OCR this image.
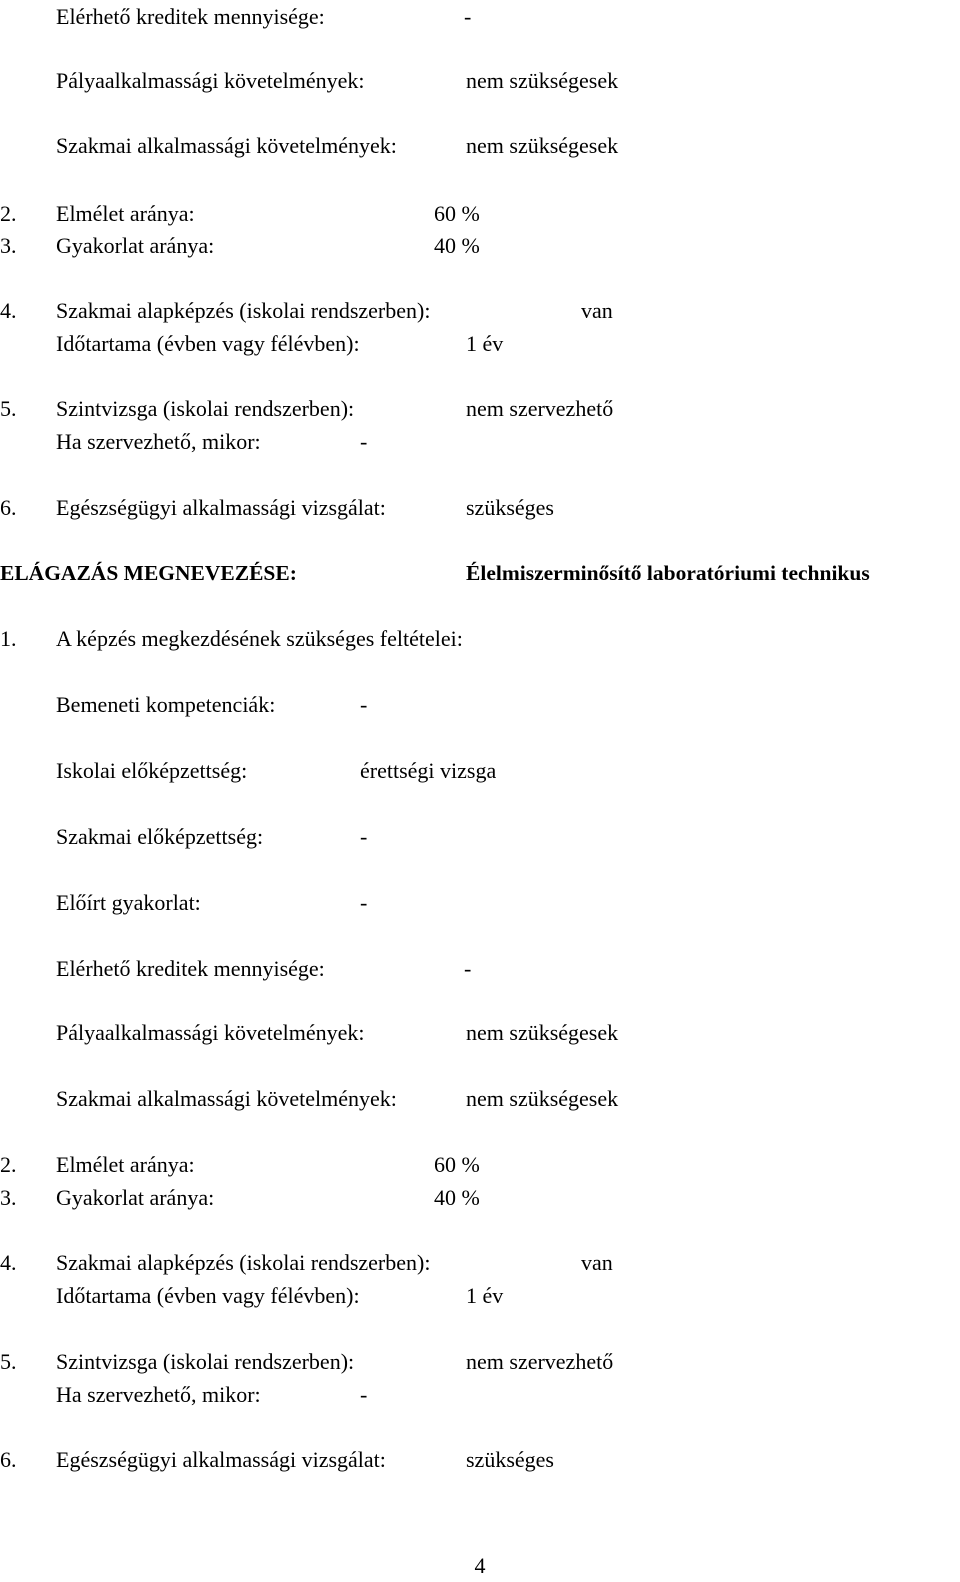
Elérhető kreditek mennyisége:	-
Pályaalkalmassági követelmények:	nem szükségesek
Szakmai alkalmassági követelmények:	nem szükségesek
2. Elmélet aránya:	60 %
3. Gyakorlat aránya:	40 %
4. Szakmai alapképzés (iskolai rendszerben):	van
Időtartama (évben vagy félévben):	1 év
5. Szintvizsga (iskolai rendszerben):	nem szervezhető
Ha szervezhető, mikor:	-
6. Egészségügyi alkalmassági vizsgálat:	szükséges
ELÁGAZÁS MEGNEVEZÉSE:	Élelmiszerminősítő laboratóriumi technikus
1. A képzés megkezdésének szükséges feltételei:
Bemeneti kompetenciák:	-
Iskolai előképzettség:	érettségi vizsga
Szakmai előképzettség:	-
Előírt gyakorlat:	-
Elérhető kreditek mennyisége:	-
Pályaalkalmassági követelmények:	nem szükségesek
Szakmai alkalmassági követelmények:	nem szükségesek
2. Elmélet aránya:	60 %
3. Gyakorlat aránya:	40 %
4. Szakmai alapképzés (iskolai rendszerben):	van
Időtartama (évben vagy félévben):	1 év
5. Szintvizsga (iskolai rendszerben):	nem szervezhető
Ha szervezhető, mikor:	-
6. Egészségügyi alkalmassági vizsgálat:	szükséges
4
